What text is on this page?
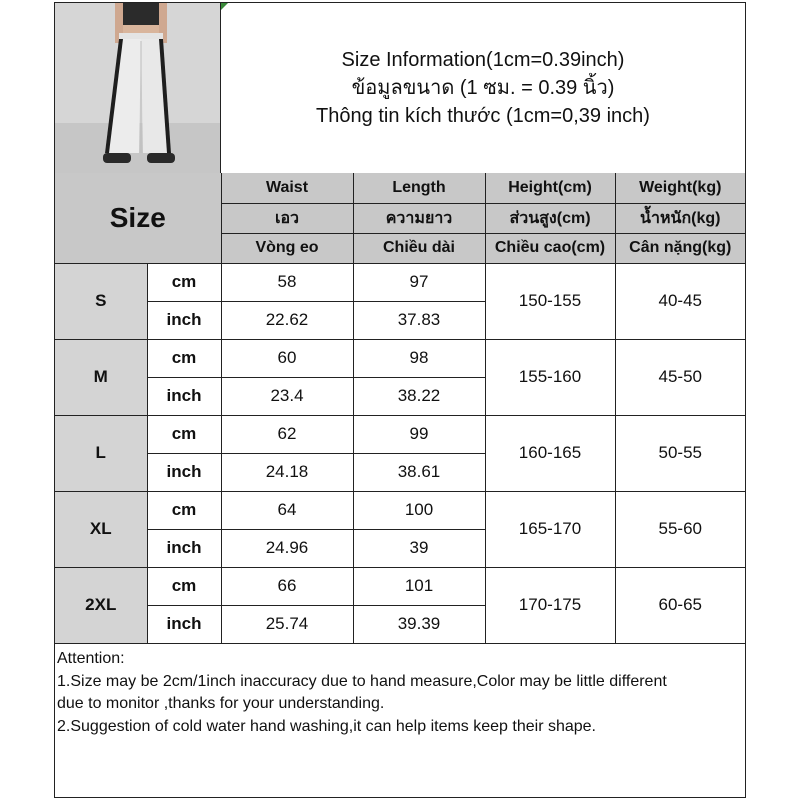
Size Information(1cm=0.39inch)
ข้อมูลขนาด (1 ซม. = 0.39 นิ้ว)
Thông tin kích thước (1cm=0,39 inch)
Size		Waist	Length	Height(cm)	Weight(kg)
		เอว	ความยาว	ส่วนสูง(cm)	น้ำหนัก(kg)
		Vòng eo	Chiều dài	Chiều cao(cm)	Cân nặng(kg)
S	cm	58	97	150-155	40-45
	inch	22.62	37.83		
M	cm	60	98	155-160	45-50
	inch	23.4	38.22		
L	cm	62	99	160-165	50-55
	inch	24.18	38.61		
XL	cm	64	100	165-170	55-60
	inch	24.96	39		
2XL	cm	66	101	170-175	60-65
	inch	25.74	39.39		
Attention:
1.Size may be 2cm/1inch inaccuracy due to hand measure,Color may be little different
due to monitor ,thanks for your understanding.
2.Suggestion of cold water hand washing,it can help items keep their shape.
